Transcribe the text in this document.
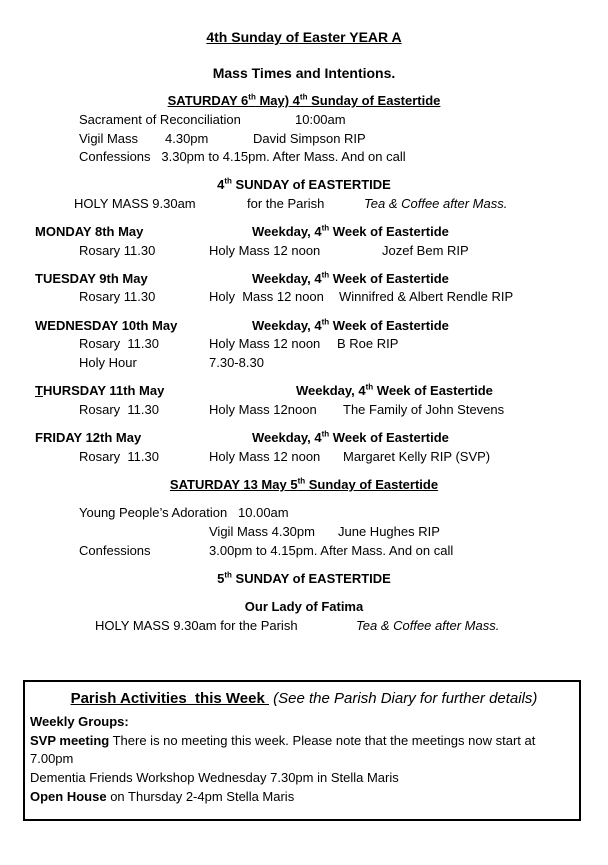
4th Sunday of Easter YEAR A
Mass Times and Intentions.
SATURDAY 6th May) 4th Sunday of Eastertide
Sacrament of Reconciliation	10:00am
Vigil Mass 4.30pm	David Simpson RIP
Confessions   3.30pm to 4.15pm. After Mass. And on call
4th SUNDAY of EASTERTIDE
HOLY MASS 9.30am	for the Parish	Tea & Coffee after Mass.
MONDAY 8th May	Weekday, 4th Week of Eastertide
Rosary 11.30	Holy Mass 12 noon	Jozef Bem RIP
TUESDAY 9th May	Weekday, 4th Week of Eastertide
Rosary 11.30	Holy  Mass 12 noon Winnifred & Albert Rendle RIP
WEDNESDAY 10th May	Weekday, 4th Week of Eastertide
Rosary  11.30	Holy Mass 12 noon B Roe RIP
Holy Hour	7.30-8.30
THURSDAY 11th May	Weekday, 4th Week of Eastertide
Rosary  11.30	Holy Mass 12noon The Family of John Stevens
FRIDAY 12th May	Weekday, 4th Week of Eastertide
Rosary  11.30	Holy Mass 12 noon Margaret Kelly RIP (SVP)
SATURDAY 13 May 5th Sunday of Eastertide
Young People’s Adoration   10.00am
Vigil Mass 4.30pm June Hughes RIP
Confessions	3.00pm to 4.15pm. After Mass. And on call
5th SUNDAY of EASTERTIDE
Our Lady of Fatima
HOLY MASS 9.30am for the Parish	Tea & Coffee after Mass.
Parish Activities  this Week  (See the Parish Diary for further details)
Weekly Groups:
SVP meeting There is no meeting this week. Please note that the meetings now start at
7.00pm
Dementia Friends Workshop Wednesday 7.30pm in Stella Maris
Open House on Thursday 2-4pm Stella Maris
